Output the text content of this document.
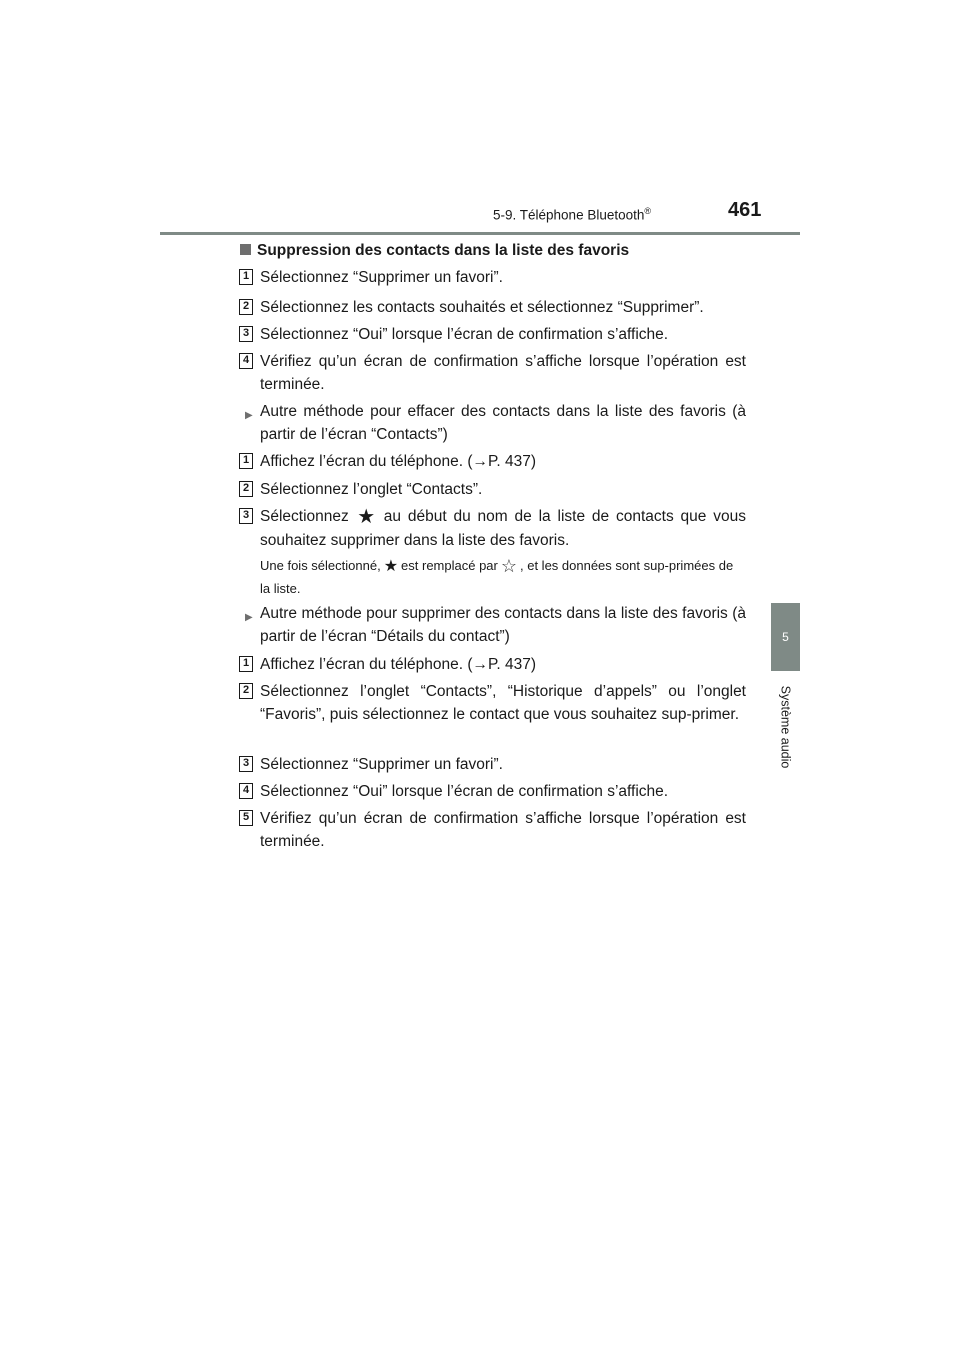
5-9. Téléphone Bluetooth®	461
5
Système audio
Suppression des contacts dans la liste des favoris
1 Sélectionnez “Supprimer un favori”.
2 Sélectionnez les contacts souhaités et sélectionnez “Supprimer”.
3 Sélectionnez “Oui” lorsque l’écran de confirmation s’affiche.
4 Vérifiez qu’un écran de confirmation s’affiche lorsque l’opération est terminée.
▶ Autre méthode pour effacer des contacts dans la liste des favoris (à partir de l’écran “Contacts”)
1 Affichez l’écran du téléphone. (→P. 437)
2 Sélectionnez l’onglet “Contacts”.
3 Sélectionnez ★ au début du nom de la liste de contacts que vous souhaitez supprimer dans la liste des favoris.
Une fois sélectionné, ★ est remplacé par ☆ , et les données sont sup-primées de la liste.
▶ Autre méthode pour supprimer des contacts dans la liste des favoris (à partir de l’écran “Détails du contact”)
1 Affichez l’écran du téléphone. (→P. 437)
2 Sélectionnez l’onglet “Contacts”, “Historique d’appels” ou l’onglet “Favoris”, puis sélectionnez le contact que vous souhaitez sup-primer.
3 Sélectionnez “Supprimer un favori”.
4 Sélectionnez “Oui” lorsque l’écran de confirmation s’affiche.
5 Vérifiez qu’un écran de confirmation s’affiche lorsque l’opération est terminée.
